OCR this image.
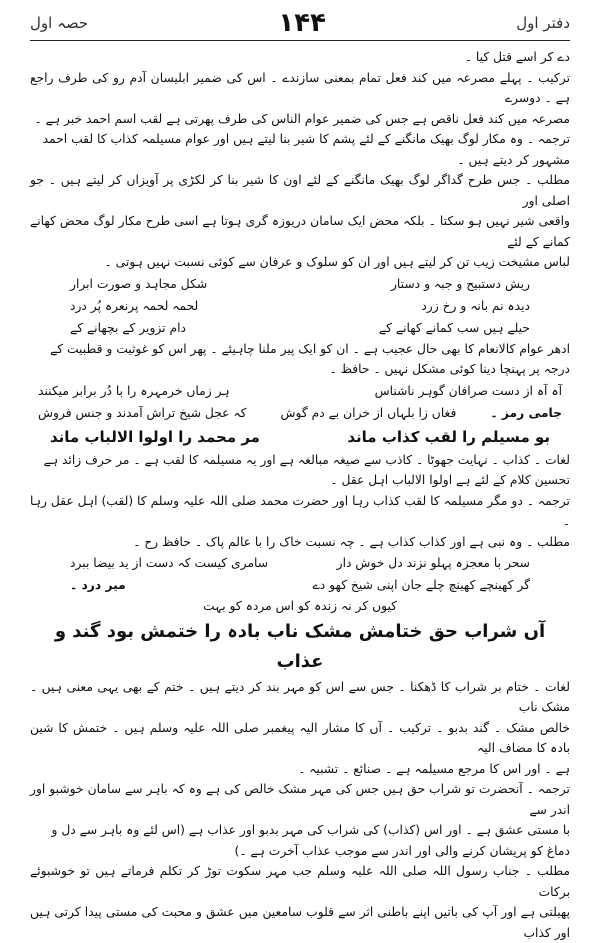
حصہ اول	۱۴۴	دفتر اول

دے کر اسے قتل کیا ۔

ترکیب ۔ پہلے مصرعہ میں کند فعل تمام بمعنی سازندے ۔ اس کی ضمیر ابلیسان آدم رو کی طرف راجع ہے ۔ دوسرے

مصرعہ میں کند فعل ناقص ہے جس کی ضمیر عوام الناس کی طرف پھرتی ہے لقب اسم احمد خبر ہے ۔

ترجمہ ۔ وہ مکار لوگ بھیک مانگنے کے لئے پشم کا شیر بنا لیتے ہیں اور عوام مسیلمہ کذاب کا لقب احمد

مشہور کر دیتے ہیں ۔

مطلب ۔ جس طرح گداگر لوگ بھیک مانگنے کے لئے اون کا شیر بنا کر لکڑی پر آویزاں کر لیتے ہیں ۔ جو اصلی اور

واقعی شیر نہیں ہو سکتا ۔ بلکہ محض ایک سامان دریوزہ گری ہوتا ہے اسی طرح مکار لوگ محض کھانے کمانے کے لئے

لباس مشیخت زیب تن کر لیتے ہیں اور ان کو سلوک و عرفان سے کوئی نسبت نہیں ہوتی ۔

ریش دستبیح و جبہ و دستار
شکل مجاہد و صورت ابرار
دیدہ نم بانہ و رخ زرد
لحمہ لحمہ پرنعرہ پُر درد
حیلے ہیں سب کمانے کھانے کے
دام تزویر کے بچھانے کے

ادھر عوام کالانعام کا بھی حال عجیب ہے ۔ ان کو ایک پیر ملنا چاہیئے ۔ پھر اس کو غوثیت و قطبیت کے

درجہ پر پہنچا دینا کوئی مشکل نہیں ۔ حافظ ۔

آہ آہ از دست صرافان گوہر ناشناس
ہر زماں خرمہرہ را با دُر برابر میکنند
جامی رمز ۔
فغاں زا بلہاں از خران بے دم گوش
کہ عجل شیخ تراش آمدند و جنس فروش
بو مسیلم را لقب کذاب ماند
مر محمد را اولوا الالباب ماند

لغات ۔ کذاب ۔ نہایت جھوٹا ۔ کاذب سے صیغہ مبالغہ ہے اور یہ مسیلمہ کا لقب ہے ۔ مر حرف زائد ہے

تحسین کلام کے لئے ہے اولوا الالباب اہل عقل ۔

ترجمہ ۔ دو مگر مسیلمہ کا لقب کذاب رہا اور حضرت محمد صلی اللہ علیہ وسلم کا (لقب) اہل عقل رہا ۔

مطلب ۔ وہ نبی ہے اور کذاب کذاب ہے ۔ چہ نسبت خاک را با عالم پاک ۔ حافظ رح ۔

سحر با معجزہ پہلو نزند دل خوش دار
سامری کیست کہ دست از ید بیضا ببرد
گر کھینچے کھینچ چلے جان اپنی شیخ کھو دے
میر درد ۔

کیوں کر نہ زندہ کو اس مردہ کو بہت

آں شراب حق ختامش مشک ناب بادہ را ختمش بود گند و عذاب

لغات ۔ ختام بر شراب کا ڈھکنا ۔ جس سے اس کو مہر بند کر دیتے ہیں ۔ ختم کے بھی یہی معنی ہیں ۔ مشک ناب

خالص مشک ۔ گند بدبو ۔ ترکیب ۔ آں کا مشار الیہ پیغمبر صلی اللہ علیہ وسلم ہیں ۔ ختمش کا شین بادہ کا مضاف الیہ

ہے ۔ اور اس کا مرجع مسیلمہ ہے ۔ صنائع ۔ تشبیہ ۔

ترجمہ ۔ آنحضرت تو شراب حق ہیں جس کی مہر مشک خالص کی ہے وہ کہ باہر سے سامان خوشبو اور اندر سے

با مستی عشق ہے ۔ اور اس (کذاب) کی شراب کی مہر بدبو اور عذاب ہے (اس لئے وہ باہر سے دل و

دماغ کو پریشان کرنے والی اور اندر سے موجب عذاب آخرت ہے ۔)

مطلب ۔ جناب رسول اللہ صلی اللہ علیہ وسلم جب مہر سکوت توڑ کر تکلم فرماتے ہیں تو خوشبوئے برکات

پھیلتی ہے اور آپ کی باتیں اپنے باطنی اثر سے قلوب سامعین میں عشق و محبت کی مستی پیدا کرتی ہیں اور کذاب
